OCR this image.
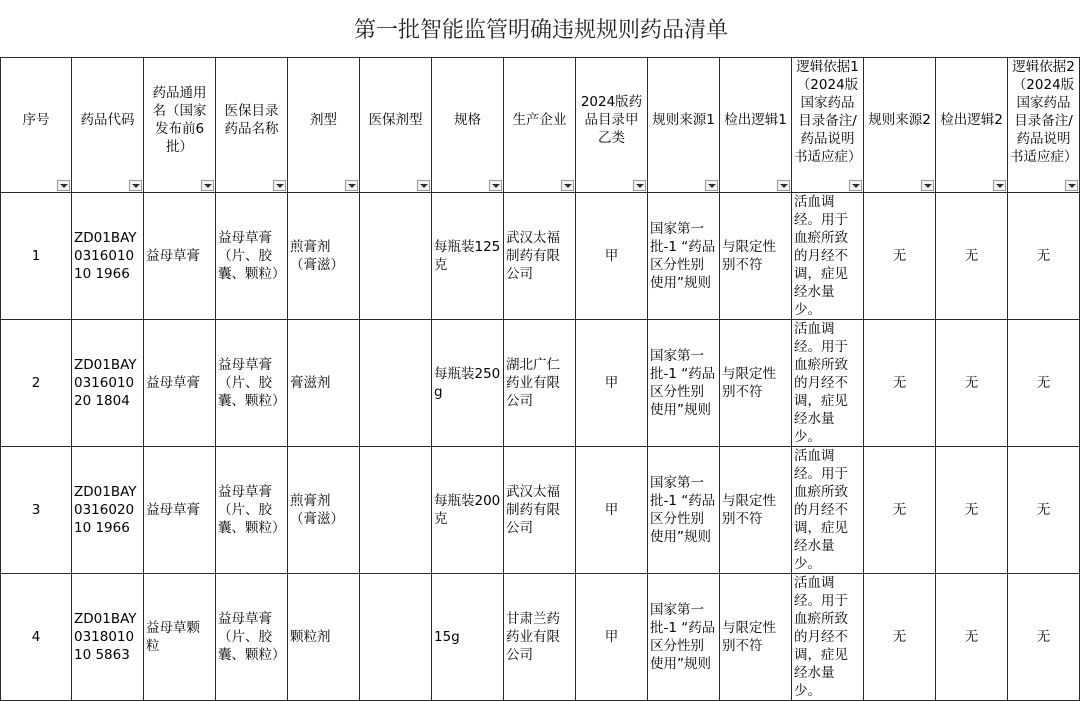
第一批智能监管明确违规规则药品清单
序号	药品代码	药品通用名（国家发布前6批）	医保目录药品名称	剂型	医保剂型	规格	生产企业	2024版药品目录甲乙类	规则来源1	检出逻辑1	逻辑依据1（2024版国家药品目录备注/药品说明书适应症）	规则来源2	检出逻辑2	逻辑依据2（2024版国家药品目录备注/药品说明书适应症）

1	ZD01BAY031601010 1966	益母草膏	益母草膏（片、胶囊、颗粒）	煎膏剂（膏滋）		每瓶装125克	武汉太福制药有限公司	甲	国家第一批-1 “药品区分性别使用”规则	与限定性别不符	活血调经。用于血瘀所致的月经不调，症见经水量少。	无	无	无
2	ZD01BAY031601020 1804	益母草膏	益母草膏（片、胶囊、颗粒）	膏滋剂		每瓶装250g	湖北广仁药业有限公司	甲	国家第一批-1 “药品区分性别使用”规则	与限定性别不符	活血调经。用于血瘀所致的月经不调，症见经水量少。	无	无	无
3	ZD01BAY031602010 1966	益母草膏	益母草膏（片、胶囊、颗粒）	煎膏剂（膏滋）		每瓶装200克	武汉太福制药有限公司	甲	国家第一批-1 “药品区分性别使用”规则	与限定性别不符	活血调经。用于血瘀所致的月经不调，症见经水量少。	无	无	无
4	ZD01BAY031801010 5863	益母草颗粒	益母草膏（片、胶囊、颗粒）	颗粒剂		15g	甘肃兰药药业有限公司	甲	国家第一批-1 “药品区分性别使用”规则	与限定性别不符	活血调经。用于血瘀所致的月经不调，症见经水量少。	无	无	无
